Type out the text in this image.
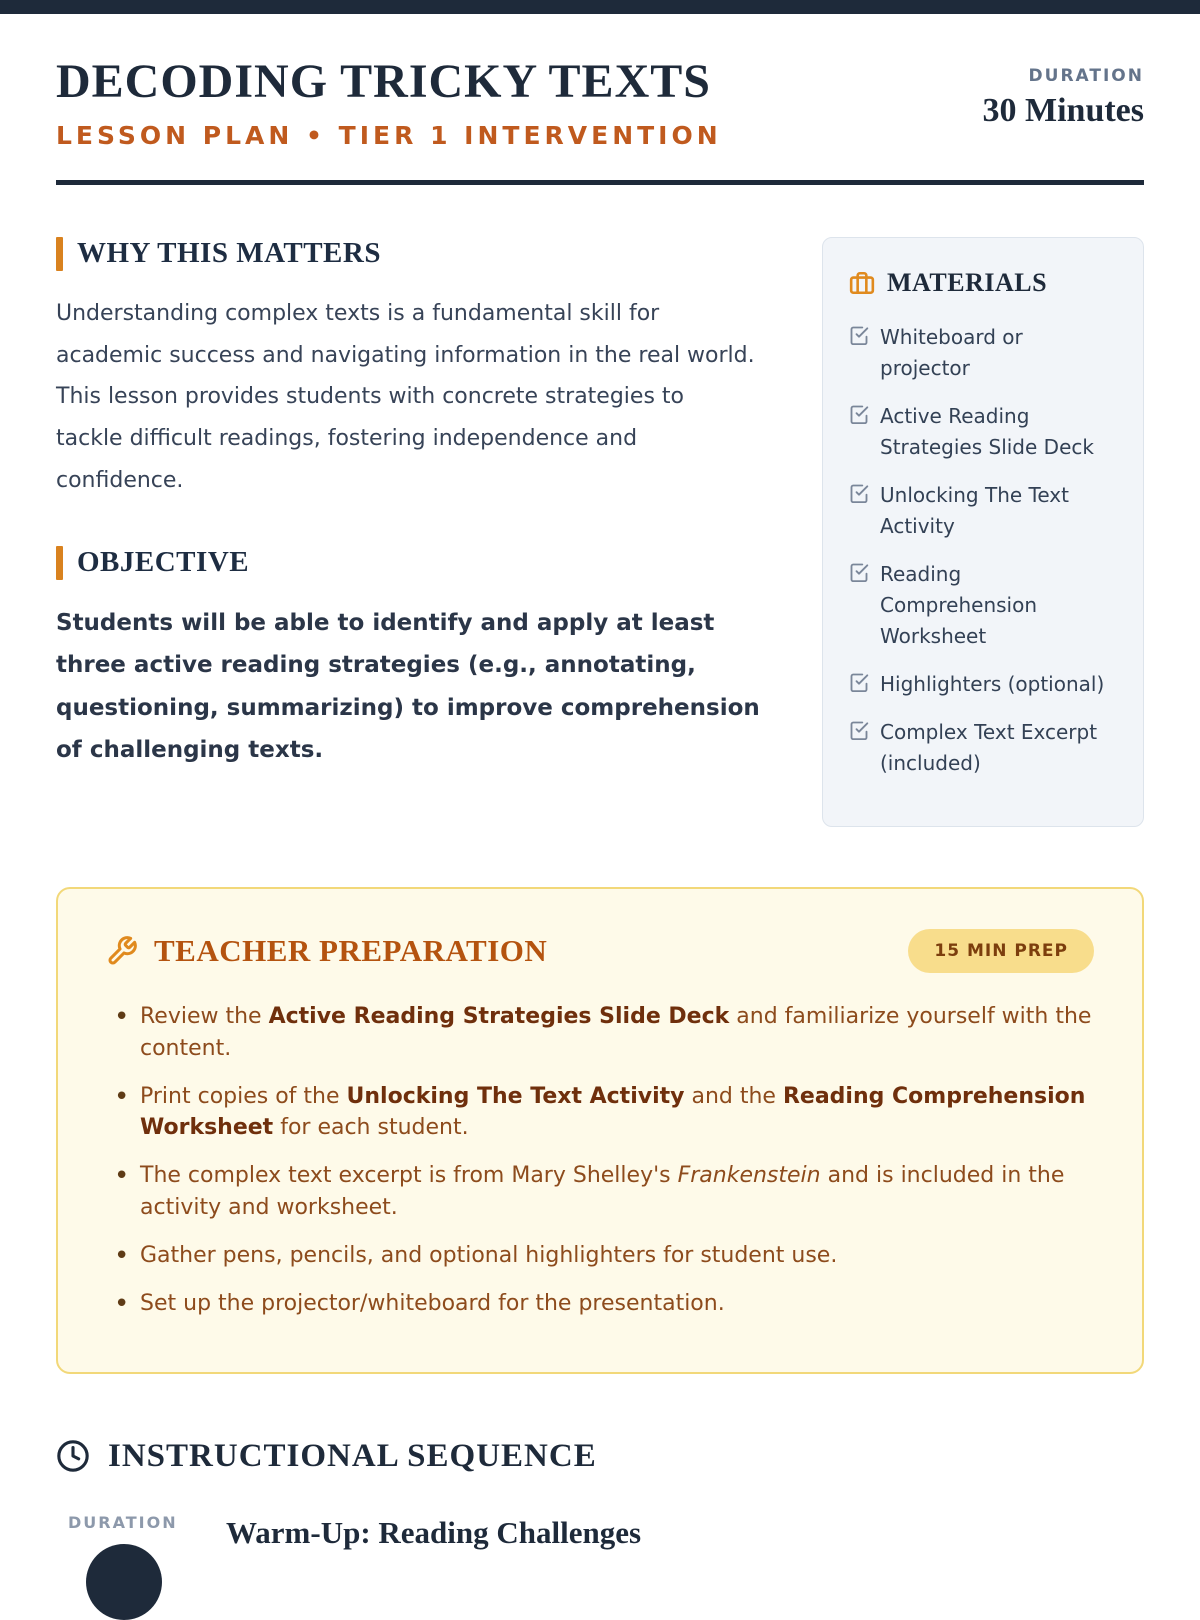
DECODING TRICKY TEXTS
LESSON PLAN • TIER 1 INTERVENTION
DURATION
30 Minutes
WHY THIS MATTERS

Understanding complex texts is a fundamental skill for academic success and navigating information in the real world. This lesson provides students with concrete strategies to tackle difficult readings, fostering independence and confidence.

OBJECTIVE

Students will be able to identify and apply at least three active reading strategies (e.g., annotating, questioning, summarizing) to improve comprehension of challenging texts.

MATERIALS
Whiteboard or projector
Active Reading Strategies Slide Deck
Unlocking The Text Activity
Reading Comprehension Worksheet
Highlighters (optional)
Complex Text Excerpt (included)
TEACHER PREPARATION	15 MIN PREP
• Review the Active Reading Strategies Slide Deck and familiarize yourself with the content.
• Print copies of the Unlocking The Text Activity and the Reading Comprehension Worksheet for each student.
• The complex text excerpt is from Mary Shelley's Frankenstein and is included in the activity and worksheet.
• Gather pens, pencils, and optional highlighters for student use.
• Set up the projector/whiteboard for the presentation.
INSTRUCTIONAL SEQUENCE
DURATION	Warm-Up: Reading Challenges
